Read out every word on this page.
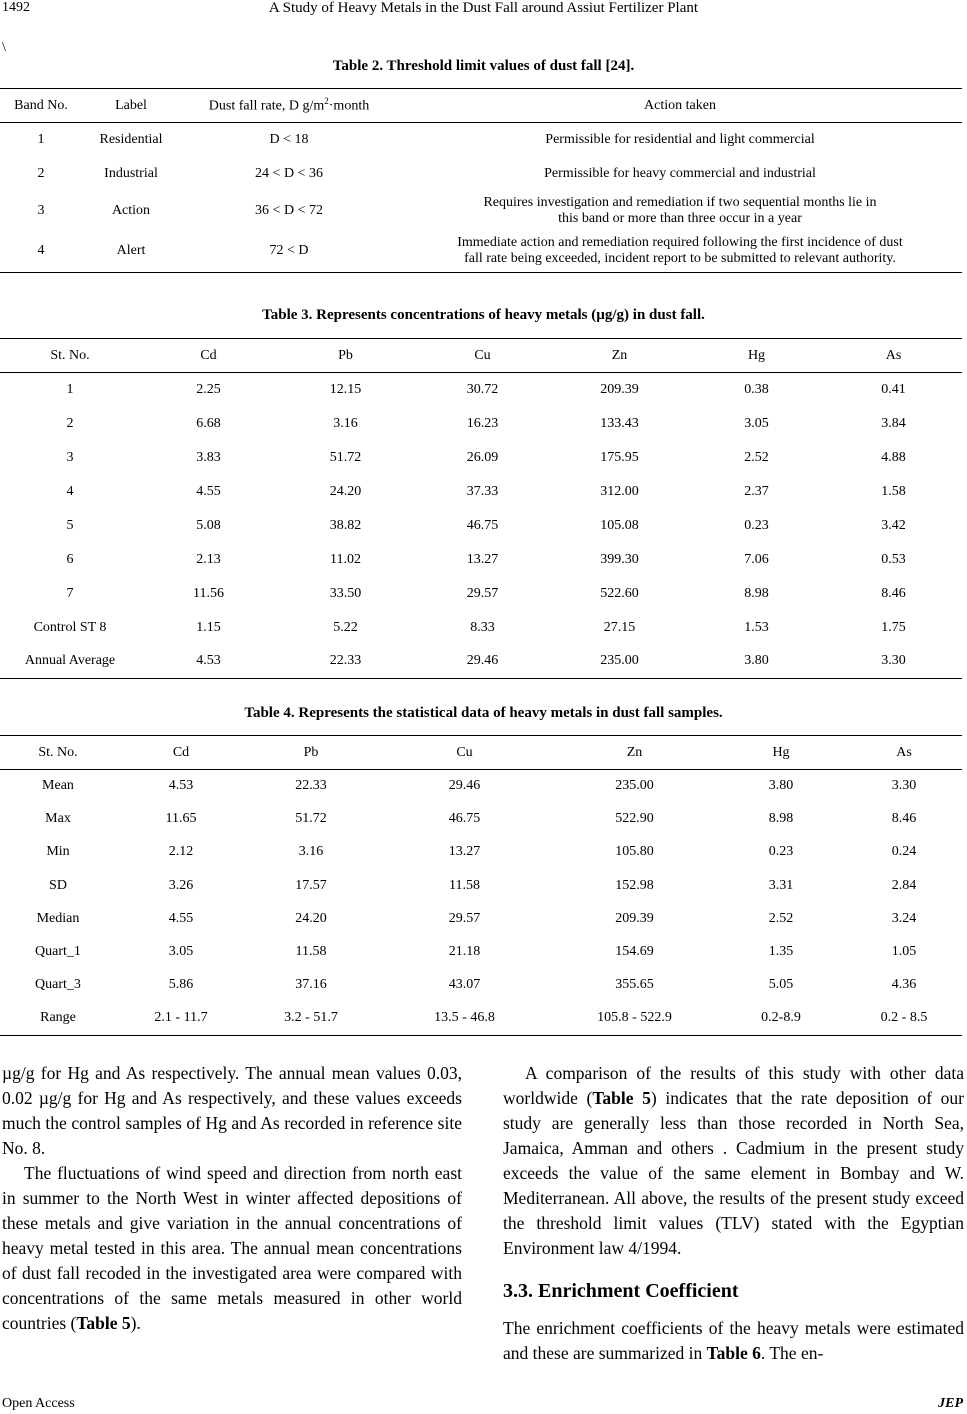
1492	A Study of Heavy Metals in the Dust Fall around Assiut Fertilizer Plant
\
Table 2. Threshold limit values of dust fall [24].
Band No.	Label	Dust fall rate, D $g/m^2\cdot month$	Action taken
1	Residential	D < 18	Permissible for residential and light commercial

2	Industrial	24 < D < 36	Permissible for heavy commercial and industrial

3	Action	36 < D < 72	Requires investigation and remediation if two sequential months lie in
this band or more than three occur in a year

4	Alert	72 < D	Immediate action and remediation required following the first incidence of dust
fall rate being exceeded, incident report to be submitted to relevant authority.
Table 3. Represents concentrations of heavy metals (µg/g) in dust fall.
St. No.	Cd	Pb	Cu	Zn	Hg	As
1	2.25	12.15	30.72	209.39	0.38	0.41
2	6.68	3.16	16.23	133.43	3.05	3.84
3	3.83	51.72	26.09	175.95	2.52	4.88
4	4.55	24.20	37.33	312.00	2.37	1.58
5	5.08	38.82	46.75	105.08	0.23	3.42
6	2.13	11.02	13.27	399.30	7.06	0.53
7	11.56	33.50	29.57	522.60	8.98	8.46
Control ST 8	1.15	5.22	8.33	27.15	1.53	1.75
Annual Average	4.53	22.33	29.46	235.00	3.80	3.30
Table 4. Represents the statistical data of heavy metals in dust fall samples.
St. No.	Cd	Pb	Cu	Zn	Hg	As
Mean	4.53	22.33	29.46	235.00	3.80	3.30
Max	11.65	51.72	46.75	522.90	8.98	8.46
Min	2.12	3.16	13.27	105.80	0.23	0.24
SD	3.26	17.57	11.58	152.98	3.31	2.84
Median	4.55	24.20	29.57	209.39	2.52	3.24
Quart_1	3.05	11.58	21.18	154.69	1.35	1.05
Quart_3	5.86	37.16	43.07	355.65	5.05	4.36
Range	2.1 - 11.7	3.2 - 51.7	13.5 - 46.8	105.8 - 522.9	0.2-8.9	0.2 - 8.5

µg/g for Hg and As respectively. The annual mean values 0.03, 0.02 µg/g for Hg and As respectively, and these values exceeds much the control samples of Hg and As recorded in reference site No. 8.

The fluctuations of wind speed and direction from north east in summer to the North West in winter affected depositions of these metals and give variation in the annual concentrations of heavy metal tested in this area. The annual mean concentrations of dust fall recoded in the investigated area were compared with concentrations of the same metals measured in other world countries (Table 5).

A comparison of the results of this study with other data worldwide (Table 5) indicates that the rate deposition of our study are generally less than those recorded in North Sea, Jamaica, Amman and others . Cadmium in the present study exceeds the value of the same element in Bombay and W. Mediterranean. All above, the results of the present study exceed the threshold limit values (TLV) stated with the Egyptian Environment law 4/1994.

3.3. Enrichment Coefficient

The enrichment coefficients of the heavy metals were estimated and these are summarized in Table 6. The en-

Open Access	JEP
